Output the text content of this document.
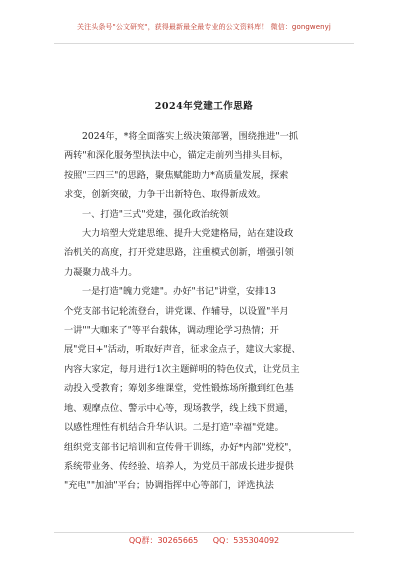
关注头条号"公文研究"，获得最新最全最专业的公文资料库！ 微信：gongwenyj
2024年党建工作思路
2024年，*将全面落实上级决策部署，围绕推进"一抓
两转"和深化服务型执法中心，锚定走前列当排头目标，
按照"三四三"的思路，聚焦赋能助力*高质量发展，探索
求变，创新突破，力争干出新特色、取得新成效。
一、打造"三式"党建，强化政治统领
大力培塑大党建思维、提升大党建格局，站在建设政
治机关的高度，打开党建思路，注重模式创新，增强引领
力凝聚力战斗力。
一是打造"魄力党建"。办好"书记"讲堂，安排13
个党支部书记轮流登台，讲党课、作辅导，以设置"半月
一讲""大咖来了"等平台载体，调动理论学习热情；开
展"党日+"活动，听取好声音，征求金点子，建议大家提、
内容大家定，每月进行1次主题鲜明的特色仪式，让党员主
动投入受教育；筹划多维课堂，党性锻炼场所撒到红色基
地、观摩点位、警示中心等，现场教学，线上线下贯通，
以感性理性有机结合升华认识。二是打造"幸福"党建。
组织党支部书记培训和宣传骨干训练，办好*内部"党校"，
系统带业务、传经验、培养人，为党员干部成长进步提供
"充电""加油"平台；协调指挥中心等部门，评选执法
QQ群：30265665 QQ：535304092
